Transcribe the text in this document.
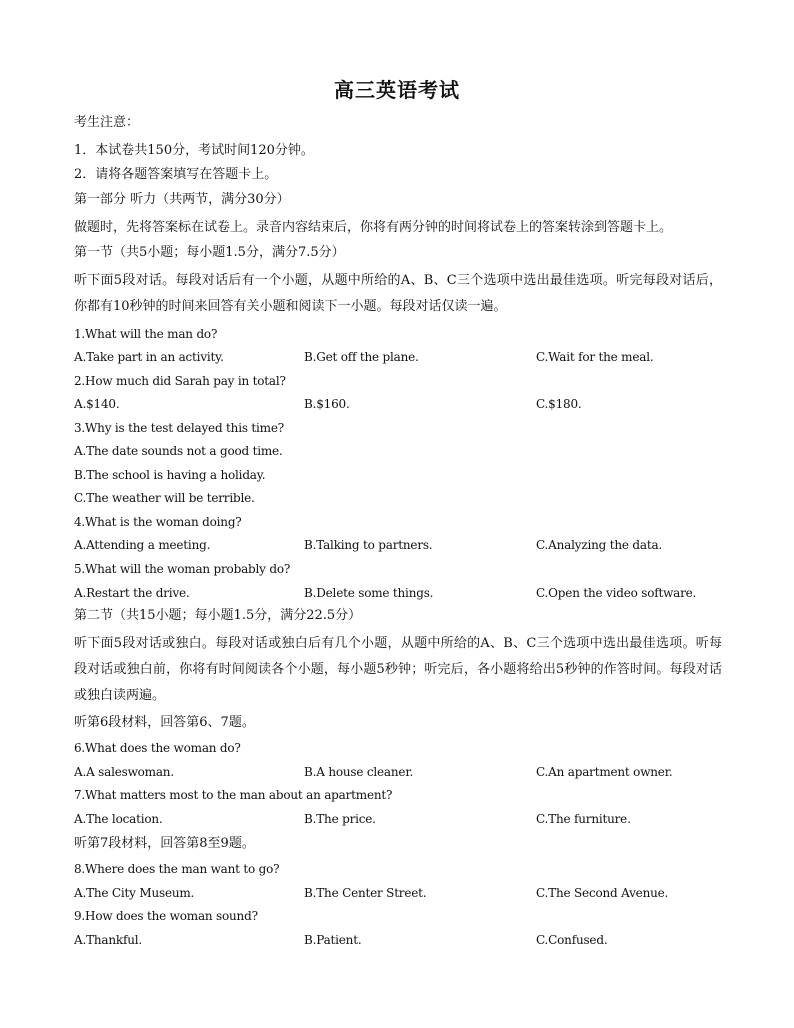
高三英语考试
考生注意：
1．本试卷共150分，考试时间120分钟。
2．请将各题答案填写在答题卡上。
第一部分 听力（共两节，满分30分）
做题时，先将答案标在试卷上。录音内容结束后，你将有两分钟的时间将试卷上的答案转涂到答题卡上。
第一节（共5小题；每小题1.5分，满分7.5分）
听下面5段对话。每段对话后有一个小题，从题中所给的A、B、C三个选项中选出最佳选项。听完每段对话后，你都有10秒钟的时间来回答有关小题和阅读下一小题。每段对话仅读一遍。
1.What will the man do?
A.Take part in an activity.	B.Get off the plane.	C.Wait for the meal.
2.How much did Sarah pay in total?
A.$140.	B.$160.	C.$180.
3.Why is the test delayed this time?
A.The date sounds not a good time.
B.The school is having a holiday.
C.The weather will be terrible.
4.What is the woman doing?
A.Attending a meeting.	B.Talking to partners.	C.Analyzing the data.
5.What will the woman probably do?
A.Restart the drive.	B.Delete some things.	C.Open the video software.
第二节（共15小题；每小题1.5分，满分22.5分）
听下面5段对话或独白。每段对话或独白后有几个小题，从题中所给的A、B、C三个选项中选出最佳选项。听每段对话或独白前，你将有时间阅读各个小题，每小题5秒钟；听完后，各小题将给出5秒钟的作答时间。每段对话或独白读两遍。
听第6段材料，回答第6、7题。
6.What does the woman do?
A.A saleswoman.	B.A house cleaner.	C.An apartment owner.
7.What matters most to the man about an apartment?
A.The location.	B.The price.	C.The furniture.
听第7段材料，回答第8至9题。
8.Where does the man want to go?
A.The City Museum.	B.The Center Street.	C.The Second Avenue.
9.How does the woman sound?
A.Thankful.	B.Patient.	C.Confused.
